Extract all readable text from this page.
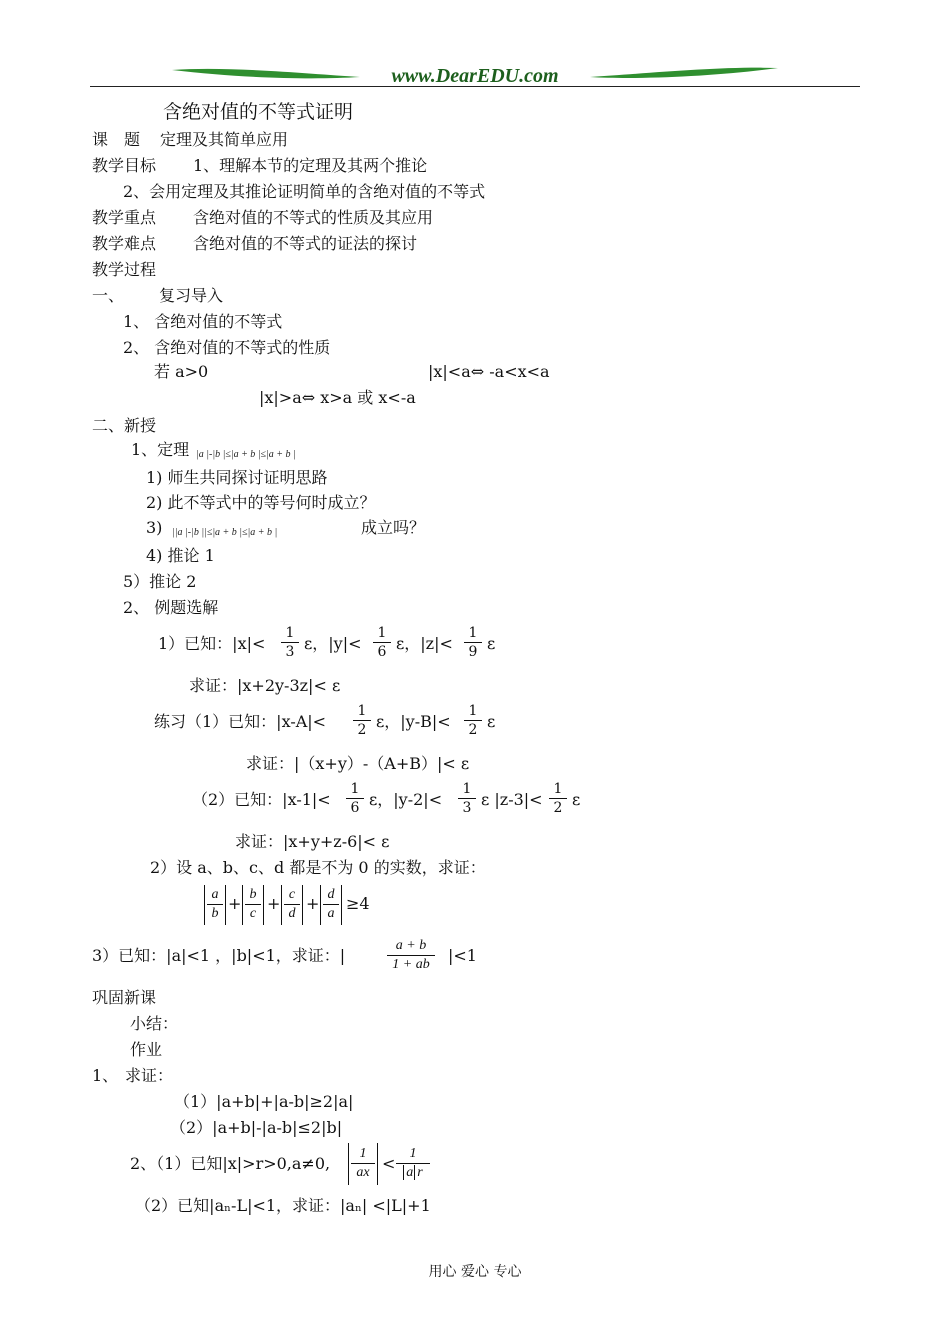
www.DearEDU.com
含绝对值的不等式证明
课　题 定理及其简单应用
教学目标 1、理解本节的定理及其两个推论
2、会用定理及其推论证明简单的含绝对值的不等式
教学重点 含绝对值的不等式的性质及其应用
教学难点 含绝对值的不等式的证法的探讨
教学过程
一、 复习导入
1、 含绝对值的不等式
2、 含绝对值的不等式的性质
若 a>0	|x|<a⇔ -a<x<a
|x|>a⇔ x>a 或 x<-a
二、新授
1、定理 |a |-|b |≤|a + b |≤|a + b |
1) 师生共同探讨证明思路
2) 此不等式中的等号何时成立？
3) ||a |-|b ||≤|a + b |≤|a + b |	成立吗？
4) 推论 1
5）推论 2
2、 例题选解
1）已知：|x|<
1
3 ε，|y|<
1
6 ε，|z|<
1
9 ε
求证：|x+2y-3z|< ε
练习（1）已知：|x-A|<
1
2 ε，|y-B|<
1
2 ε
求证：|（x+y）-（A+B）|< ε
（2）已知：|x-1|<
1
6 ε，|y-2|<
1
3 ε |z-3|<
1
2 ε
求证：|x+y+z-6|< ε
2）设 a、b、c、d 都是不为 0 的实数，求证：
a
b
+ b
c
+ c
d
+ d
a
≥4
3）已知：|a|<1 ，|b|<1，求证：|
a + b
1 + ab	|<1
巩固新课
小结：
作业
1、 求证：
（1）|a+b|+|a-b|≥2|a|
（2）|a+b|-|a-b|≤2|b|
2、（1）已知|x|>r>0,a≠0,
1
ax <
1
a r
（2）已知|aₙ-L|<1，求证：|aₙ| <|L|+1
用心 爱心 专心
